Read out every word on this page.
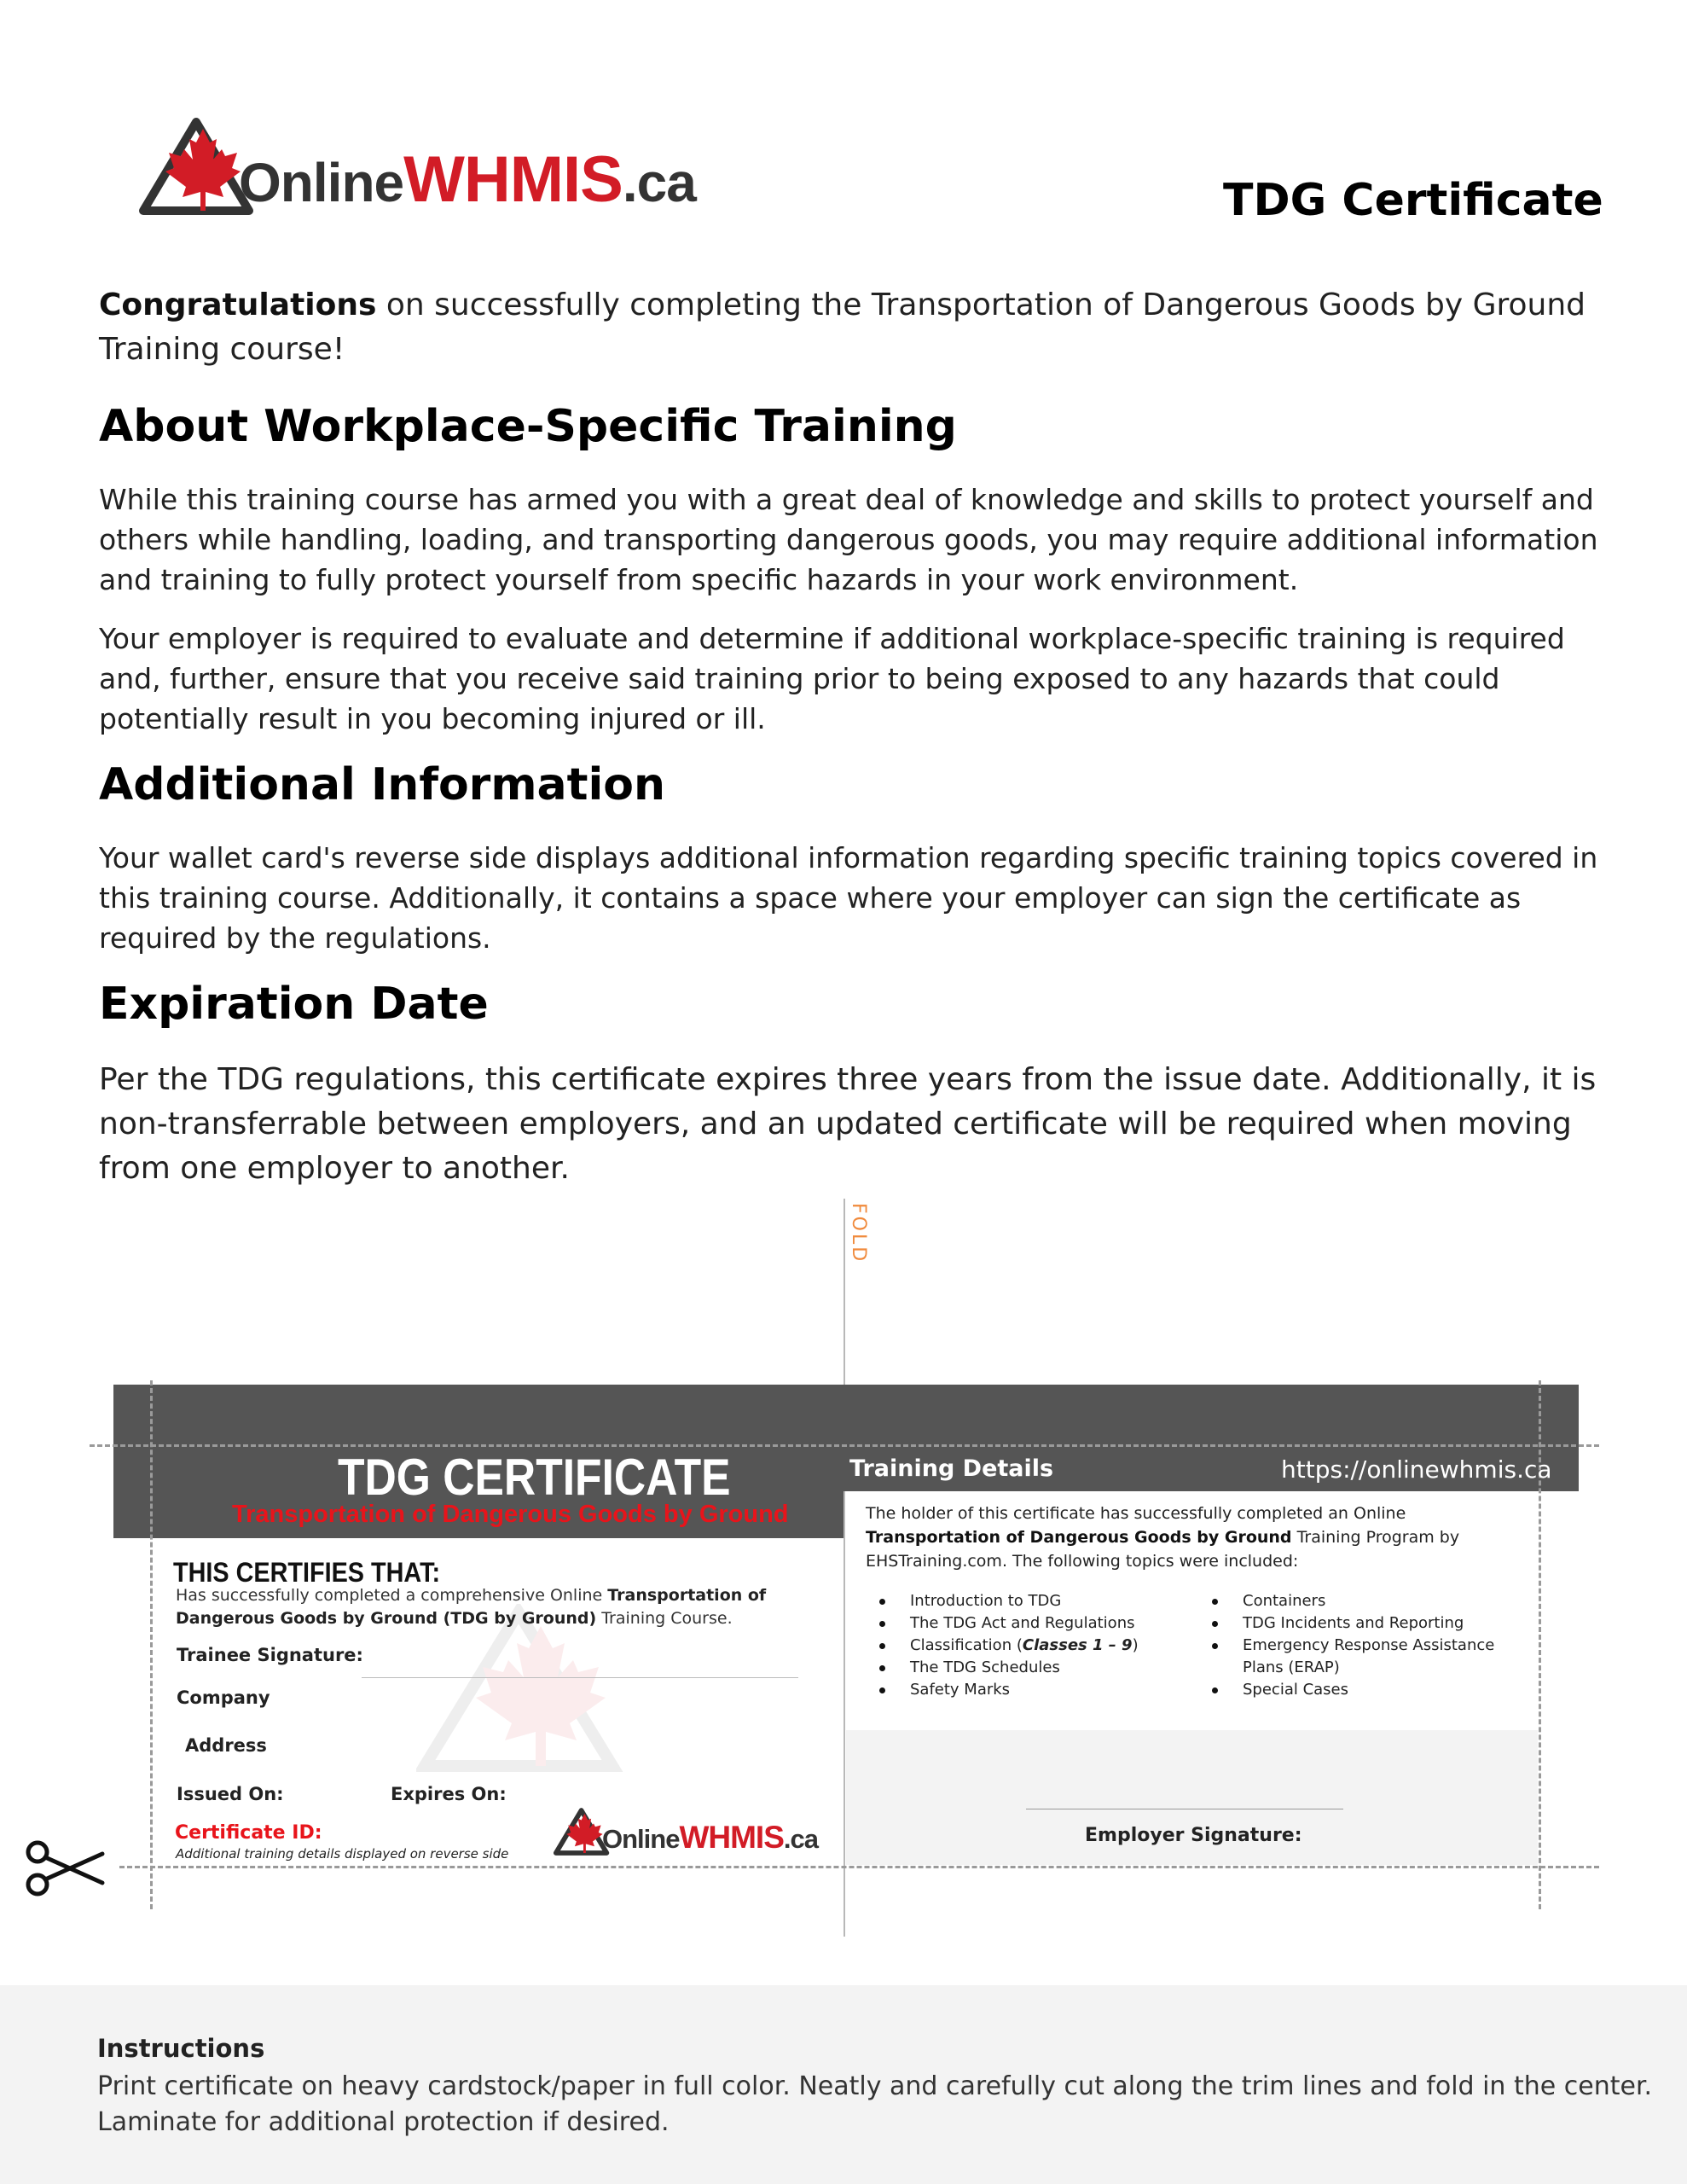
OnlineWHMIS.ca	TDG Certificate
Congratulations on successfully completing the Transportation of Dangerous Goods by Ground Training course!
About Workplace-Specific Training

While this training course has armed you with a great deal of knowledge and skills to protect yourself and others while handling, loading, and transporting dangerous goods, you may require additional information and training to fully protect yourself from specific hazards in your work environment.

Your employer is required to evaluate and determine if additional workplace-specific training is required and, further, ensure that you receive said training prior to being exposed to any hazards that could potentially result in you becoming injured or ill.

Additional Information

Your wallet card's reverse side displays additional information regarding specific training topics covered in this training course. Additionally, it contains a space where your employer can sign the certificate as required by the regulations.

Expiration Date

Per the TDG regulations, this certificate expires three years from the issue date. Additionally, it is non-transferrable between employers, and an updated certificate will be required when moving from one employer to another.

FOLD
TDG CERTIFICATE
Transportation of Dangerous Goods by Ground
THIS CERTIFIES THAT:
Has successfully completed a comprehensive Online Transportation of Dangerous Goods by Ground (TDG by Ground) Training Course.
Trainee Signature:
Company
Address
Issued On:	Expires On:
Certificate ID:
Additional training details displayed on reverse side	OnlineWHMIS.ca
Training Details	https://onlinewhmis.ca
The holder of this certificate has successfully completed an Online Transportation of Dangerous Goods by Ground Training Program by EHSTraining.com. The following topics were included:
Introduction to TDG
The TDG Act and Regulations
Classification (Classes 1 – 9)
The TDG Schedules
Safety Marks
Containers
TDG Incidents and Reporting
Emergency Response Assistance Plans (ERAP)
Special Cases
Employer Signature:
Instructions
Print certificate on heavy cardstock/paper in full color. Neatly and carefully cut along the trim lines and fold in the center.
Laminate for additional protection if desired.
